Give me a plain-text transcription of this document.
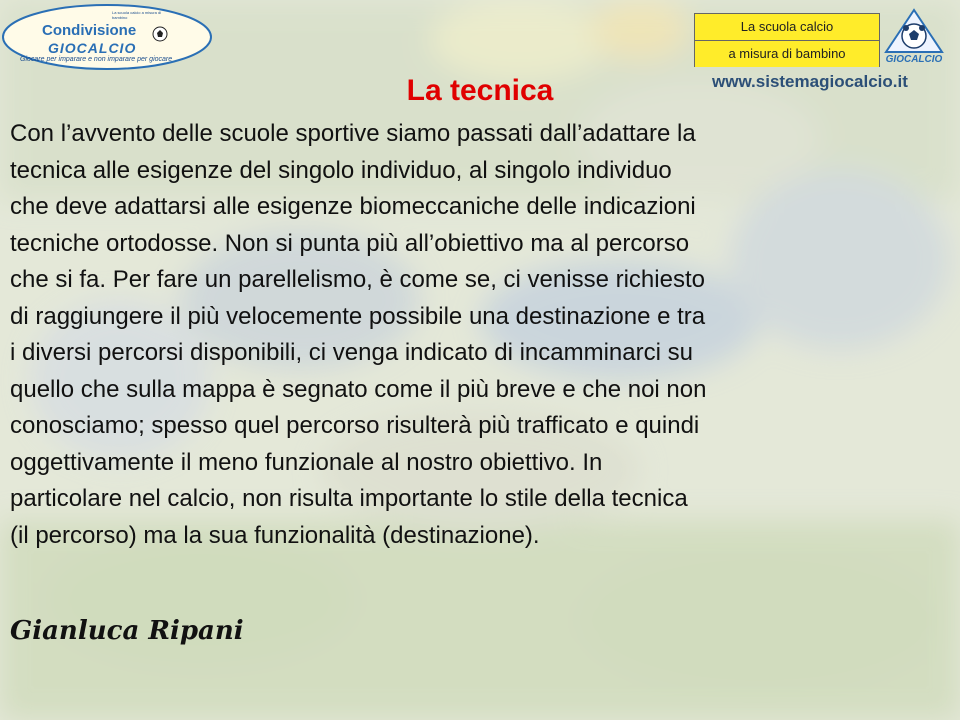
La scuola calcio a misura di bambino
Condivisione
GIOCALCIO
Giocare per imparare e non imparare per giocare
La scuola calcio
a misura di bambino	GIOCALCIO
www.sistemagiocalcio.it
La tecnica
Con l’avvento delle scuole sportive siamo passati dall’adattare la
tecnica alle esigenze del singolo individuo, al singolo individuo
che deve adattarsi alle esigenze biomeccaniche delle indicazioni
tecniche ortodosse. Non si punta più all’obiettivo ma al percorso
che si fa. Per fare un parellelismo, è come se, ci venisse richiesto
di raggiungere il più velocemente possibile una destinazione e tra
i diversi percorsi disponibili, ci venga indicato di incamminarci su
quello che sulla mappa è segnato come il più breve e che noi non
conosciamo; spesso quel percorso risulterà più trafficato e quindi
oggettivamente il meno funzionale al nostro obiettivo. In
particolare nel calcio, non risulta importante lo stile della tecnica
(il percorso) ma la sua funzionalità (destinazione).
Gianluca Ripani
